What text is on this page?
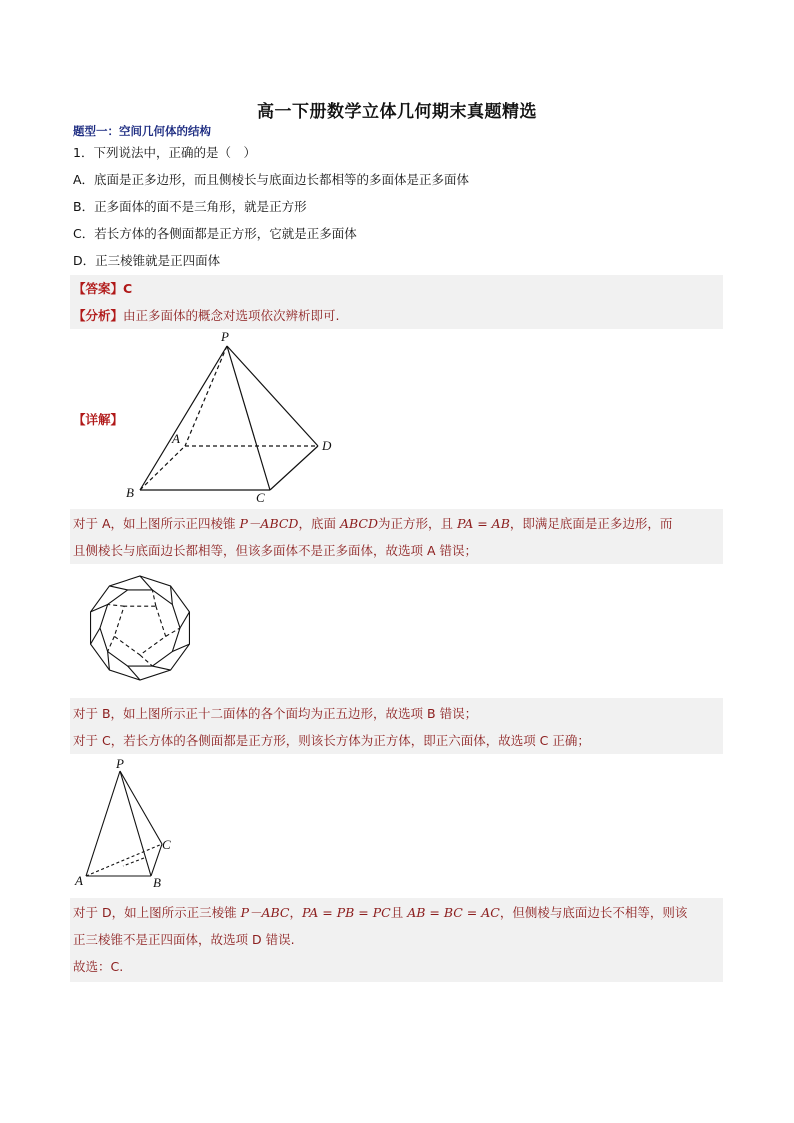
高一下册数学立体几何期末真题精选
题型一：空间几何体的结构
1．下列说法中，正确的是（　）
A．底面是正多边形，而且侧棱长与底面边长都相等的多面体是正多面体
B．正多面体的面不是三角形，就是正方形
C．若长方体的各侧面都是正方形，它就是正多面体
D．正三棱锥就是正四面体
【答案】C
【分析】由正多面体的概念对选项依次辨析即可.
【详解】
P
A
B	C
D
对于 A，如上图所示正四棱锥 P－ABCD，底面 ABCD为正方形，且 PA = AB，即满足底面是正多边形，而
且侧棱长与底面边长都相等，但该多面体不是正多面体，故选项 A 错误；
对于 B，如上图所示正十二面体的各个面均为正五边形，故选项 B 错误；
对于 C，若长方体的各侧面都是正方形，则该长方体为正方体，即正六面体，故选项 C 正确；
P
A	B
C
对于 D，如上图所示正三棱锥 P－ABC，PA = PB = PC且 AB = BC = AC，但侧棱与底面边长不相等，则该
正三棱锥不是正四面体，故选项 D 错误.
故选：C.
